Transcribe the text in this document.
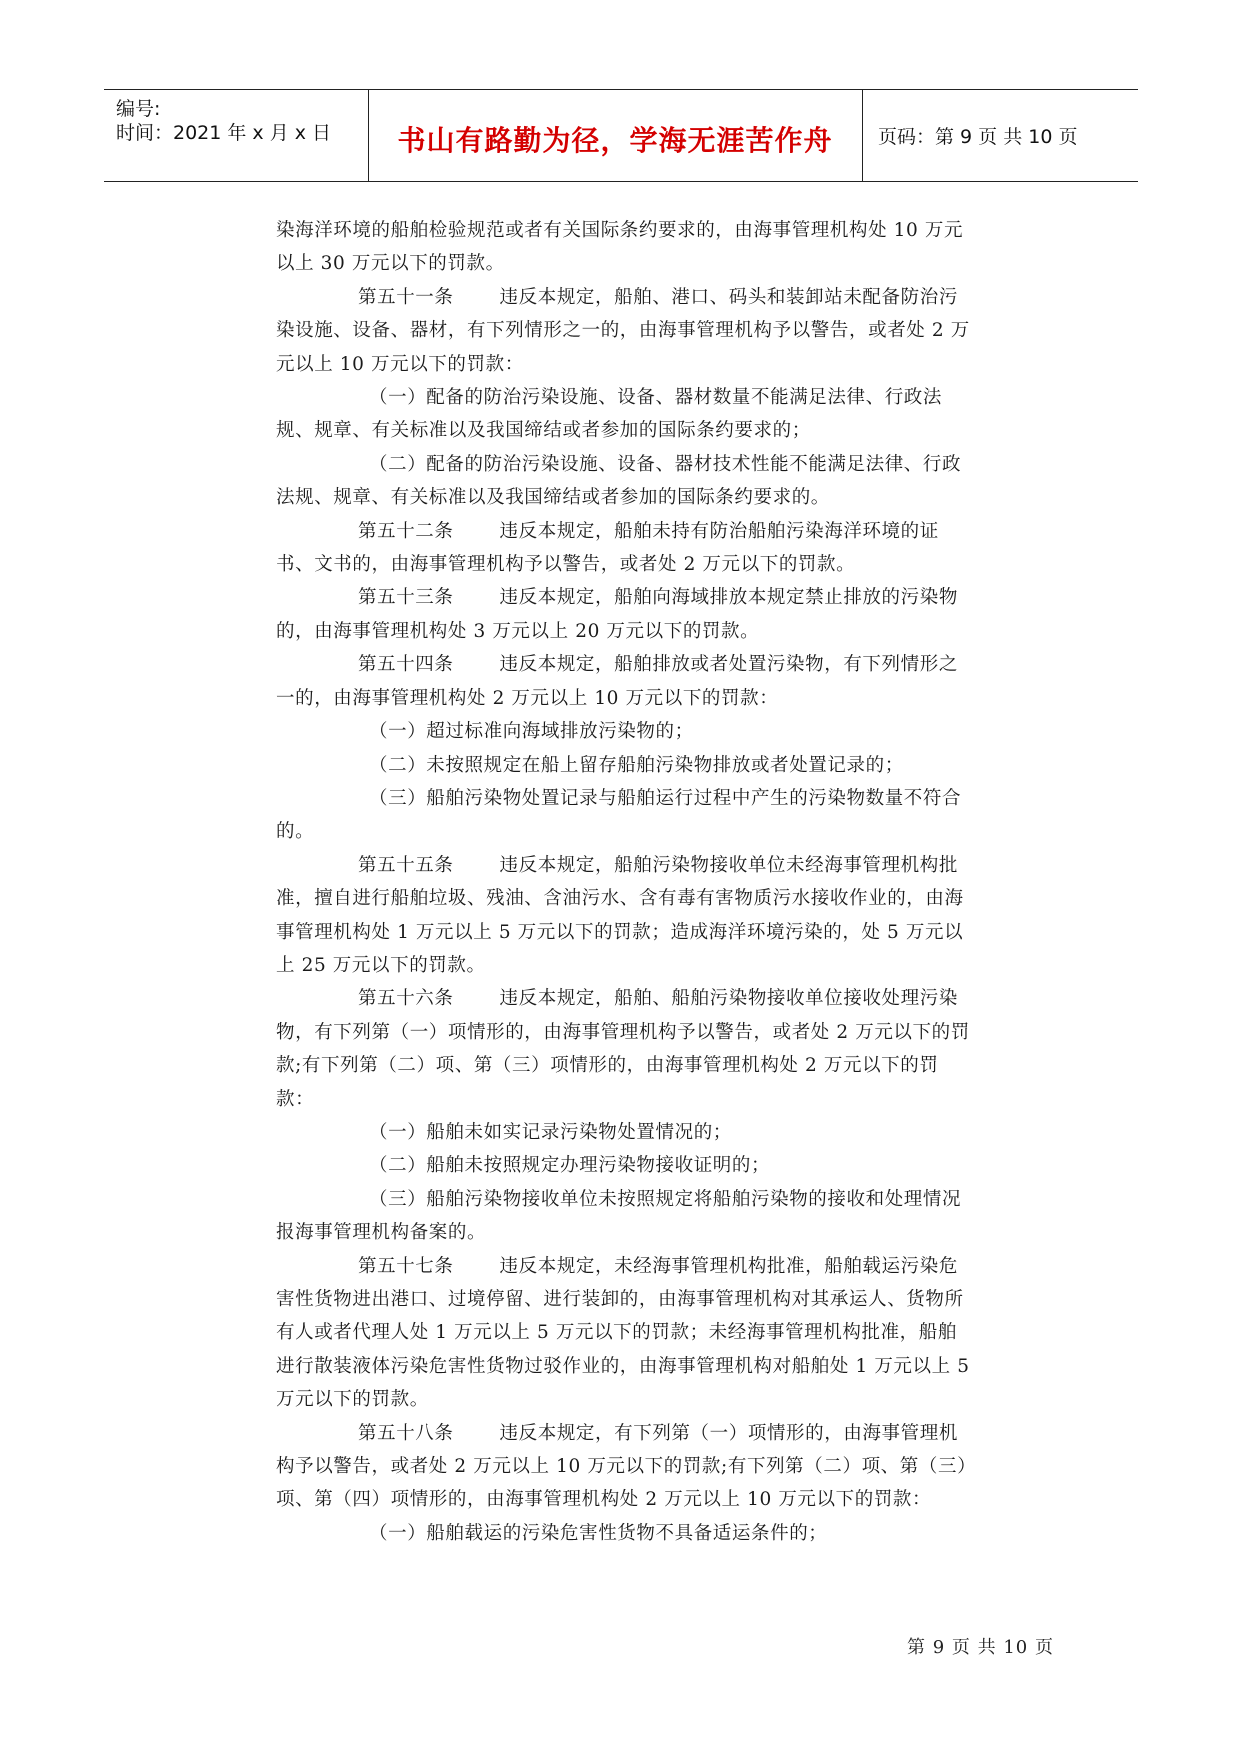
编号:
时间：2021 年 x 月 x 日	书山有路勤为径，学海无涯苦作舟	页码：第 9 页 共 10 页

染海洋环境的船舶检验规范或者有关国际条约要求的，由海事管理机构处 10 万元以上 30 万元以下的罚款。

第五十一条 违反本规定，船舶、港口、码头和装卸站未配备防治污染设施、设备、器材，有下列情形之一的，由海事管理机构予以警告，或者处 2 万元以上 10 万元以下的罚款：

（一）配备的防治污染设施、设备、器材数量不能满足法律、行政法规、规章、有关标准以及我国缔结或者参加的国际条约要求的；

（二）配备的防治污染设施、设备、器材技术性能不能满足法律、行政法规、规章、有关标准以及我国缔结或者参加的国际条约要求的。

第五十二条 违反本规定，船舶未持有防治船舶污染海洋环境的证书、文书的，由海事管理机构予以警告，或者处 2 万元以下的罚款。

第五十三条 违反本规定，船舶向海域排放本规定禁止排放的污染物的，由海事管理机构处 3 万元以上 20 万元以下的罚款。

第五十四条 违反本规定，船舶排放或者处置污染物，有下列情形之一的，由海事管理机构处 2 万元以上 10 万元以下的罚款：

（一）超过标准向海域排放污染物的；

（二）未按照规定在船上留存船舶污染物排放或者处置记录的；

（三）船舶污染物处置记录与船舶运行过程中产生的污染物数量不符合的。

第五十五条 违反本规定，船舶污染物接收单位未经海事管理机构批准，擅自进行船舶垃圾、残油、含油污水、含有毒有害物质污水接收作业的，由海事管理机构处 1 万元以上 5 万元以下的罚款；造成海洋环境污染的，处 5 万元以上 25 万元以下的罚款。

第五十六条 违反本规定，船舶、船舶污染物接收单位接收处理污染物，有下列第（一）项情形的，由海事管理机构予以警告，或者处 2 万元以下的罚款;有下列第（二）项、第（三）项情形的，由海事管理机构处 2 万元以下的罚款：

（一）船舶未如实记录污染物处置情况的；

（二）船舶未按照规定办理污染物接收证明的；

（三）船舶污染物接收单位未按照规定将船舶污染物的接收和处理情况报海事管理机构备案的。

第五十七条 违反本规定，未经海事管理机构批准，船舶载运污染危害性货物进出港口、过境停留、进行装卸的，由海事管理机构对其承运人、货物所有人或者代理人处 1 万元以上 5 万元以下的罚款；未经海事管理机构批准，船舶进行散装液体污染危害性货物过驳作业的，由海事管理机构对船舶处 1 万元以上 5 万元以下的罚款。

第五十八条 违反本规定，有下列第（一）项情形的，由海事管理机构予以警告，或者处 2 万元以上 10 万元以下的罚款;有下列第（二）项、第（三）项、第（四）项情形的，由海事管理机构处 2 万元以上 10 万元以下的罚款：

（一）船舶载运的污染危害性货物不具备适运条件的；

第 9 页 共 10 页
